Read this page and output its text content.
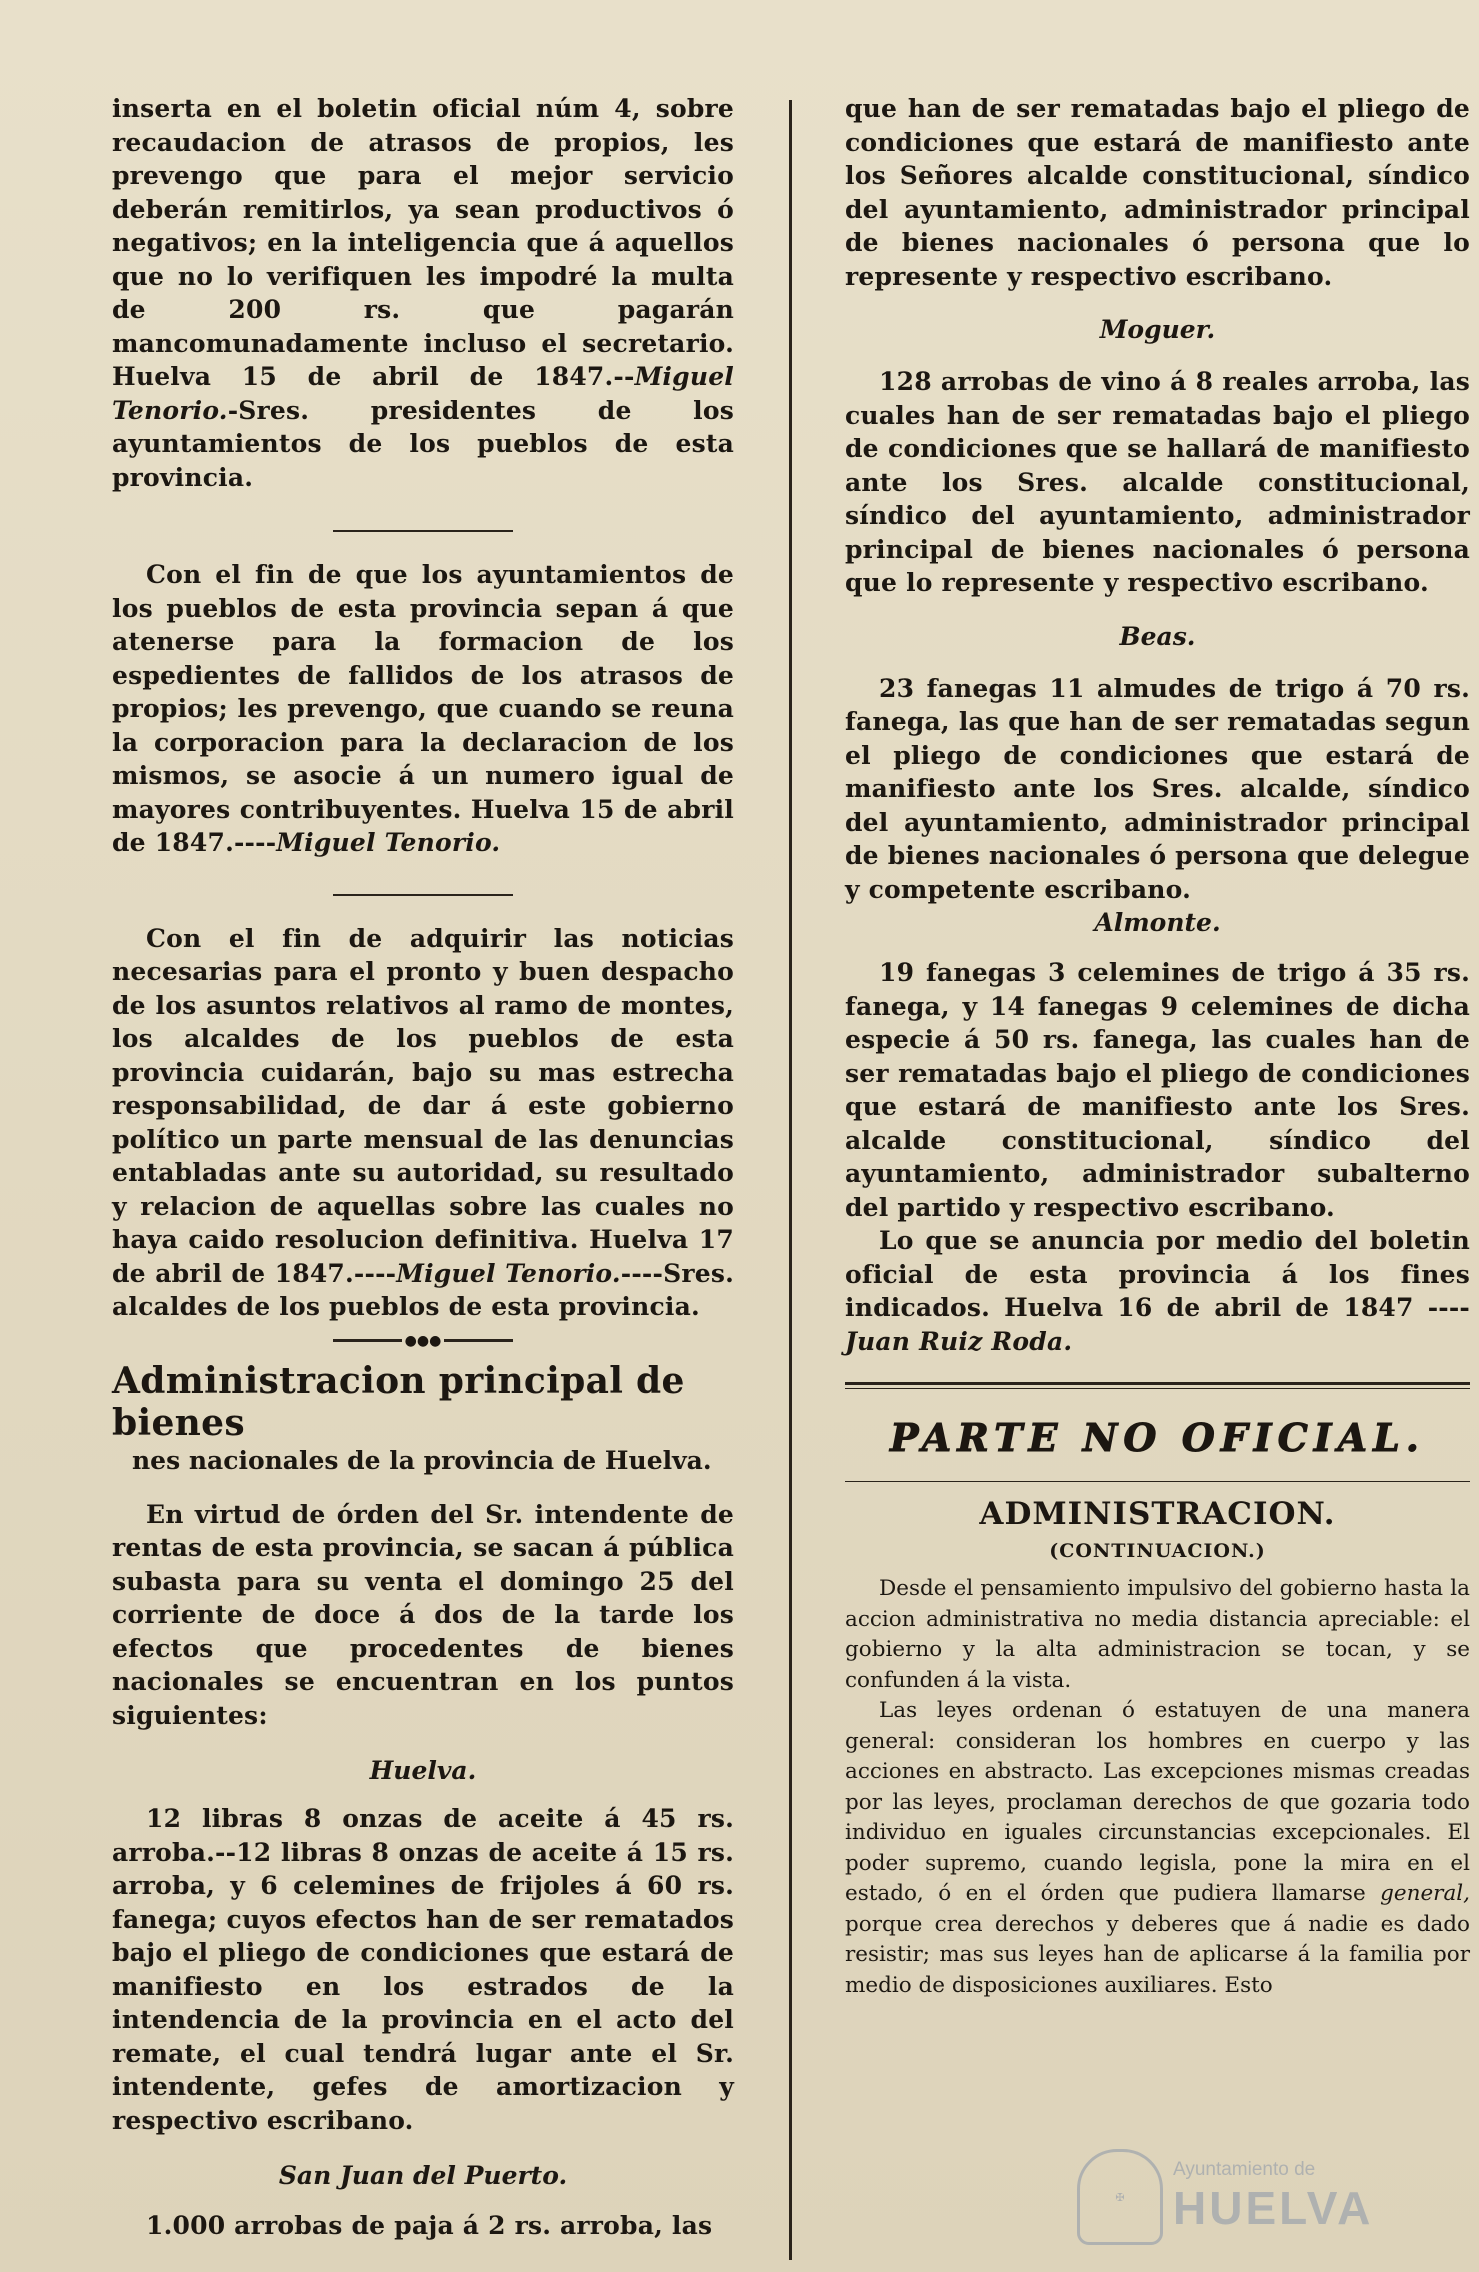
inserta en el boletin oficial núm 4, sobre recaudacion de atrasos de propios, les prevengo que para el mejor servicio deberán remitirlos, ya sean productivos ó negativos; en la inteligencia que á aquellos que no lo verifiquen les impodré la multa de 200 rs. que pagarán mancomunadamente incluso el secretario. Huelva 15 de abril de 1847.--Miguel Tenorio.-Sres. presidentes de los ayuntamientos de los pueblos de esta provincia.

Con el fin de que los ayuntamientos de los pueblos de esta provincia sepan á que atenerse para la formacion de los espedientes de fallidos de los atrasos de propios; les prevengo, que cuando se reuna la corporacion para la declaracion de los mismos, se asocie á un numero igual de mayores contribuyentes. Huelva 15 de abril de 1847.----Miguel Tenorio.

Con el fin de adquirir las noticias necesarias para el pronto y buen despacho de los asuntos relativos al ramo de montes, los alcaldes de los pueblos de esta provincia cuidarán, bajo su mas estrecha responsabilidad, de dar á este gobierno político un parte mensual de las denuncias entabladas ante su autoridad, su resultado y relacion de aquellas sobre las cuales no haya caido resolucion definitiva. Huelva 17 de abril de 1847.----Miguel Tenorio.----Sres. alcaldes de los pueblos de esta provincia.

●●●

Administracion principal de bienes

nes nacionales de la provincia de Huelva.

En virtud de órden del Sr. intendente de rentas de esta provincia, se sacan á pública subasta para su venta el domingo 25 del corriente de doce á dos de la tarde los efectos que procedentes de bienes nacionales se encuentran en los puntos siguientes:

Huelva.

12 libras 8 onzas de aceite á 45 rs. arroba.--12 libras 8 onzas de aceite á 15 rs. arroba, y 6 celemines de frijoles á 60 rs. fanega; cuyos efectos han de ser rematados bajo el pliego de condiciones que estará de manifiesto en los estrados de la intendencia de la provincia en el acto del remate, el cual tendrá lugar ante el Sr. intendente, gefes de amortizacion y respectivo escribano.

San Juan del Puerto.

1.000 arrobas de paja á 2 rs. arroba, las

que han de ser rematadas bajo el pliego de condiciones que estará de manifiesto ante los Señores alcalde constitucional, síndico del ayuntamiento, administrador principal de bienes nacionales ó persona que lo represente y respectivo escribano.

Moguer.

128 arrobas de vino á 8 reales arroba, las cuales han de ser rematadas bajo el pliego de condiciones que se hallará de manifiesto ante los Sres. alcalde constitucional, síndico del ayuntamiento, administrador principal de bienes nacionales ó persona que lo represente y respectivo escribano.

Beas.

23 fanegas 11 almudes de trigo á 70 rs. fanega, las que han de ser rematadas segun el pliego de condiciones que estará de manifiesto ante los Sres. alcalde, síndico del ayuntamiento, administrador principal de bienes nacionales ó persona que delegue y competente escribano.

Almonte.

19 fanegas 3 celemines de trigo á 35 rs. fanega, y 14 fanegas 9 celemines de dicha especie á 50 rs. fanega, las cuales han de ser rematadas bajo el pliego de condiciones que estará de manifiesto ante los Sres. alcalde constitucional, síndico del ayuntamiento, administrador subalterno del partido y respectivo escribano.

Lo que se anuncia por medio del boletin oficial de esta provincia á los fines indicados. Huelva 16 de abril de 1847 ----Juan Ruiz Roda.

PARTE NO OFICIAL.

ADMINISTRACION.

(CONTINUACION.)

Desde el pensamiento impulsivo del gobierno hasta la accion administrativa no media distancia apreciable: el gobierno y la alta administracion se tocan, y se confunden á la vista.

Las leyes ordenan ó estatuyen de una manera general: consideran los hombres en cuerpo y las acciones en abstracto. Las excepciones mismas creadas por las leyes, proclaman derechos de que gozaria todo individuo en iguales circunstancias excepcionales. El poder supremo, cuando legisla, pone la mira en el estado, ó en el órden que pudiera llamarse general, porque crea derechos y deberes que á nadie es dado resistir; mas sus leyes han de aplicarse á la familia por medio de disposiciones auxiliares. Esto

✠
Ayuntamiento de
HUELVA
